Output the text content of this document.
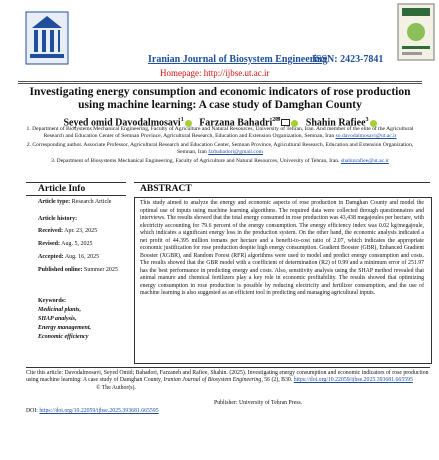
Iranian Journal of Biosystem Engineering
ISSN: 2423-7841
Homepage: http://ijbse.ut.ac.ir
Investigating energy consumption and economic indicators of rose production
using machine learning: A case study of Damghan County
Seyed omid Davodalmosavi$^1$ Farzana Bahadri$^{2✉}$	Shahin Rafiee$^3$

1. Department of Biosystems Mechanical Engineering, Faculty of Agriculture and Natural Resources, University of Tehran, Iran. And member of the elite of the Agricultural Research and Education Center of Semnan Province, Agricultural Research, Education and Extension Organization, Semnan, Iran so.davodalmosavi@ut.ac.ir

2. Corresponding author. Associate Professor, Agricultural Research and Education Center, Semnan Province, Agricultural Research, Education and Extension Organization, Semnan, Iran farbahadori@gmail.com

3. Department of Biosystems Mechanical Engineering, Faculty of Agriculture and Natural Resources, University of Tehran, Iran. shahinrafiee@ut.ac.ir

Article Info	ABSTRACT

Article type: Research Article

Article history:

Received: Apr. 23, 2025

Revised: Aug. 5, 2025

Accepted: Aug. 16, 2025

Published online: Summer 2025

Keywords:

Medicinal plants,

SHAP analysis,

Energy management,

Economic efficiency

This study aimed to analyze the energy and economic aspects of rose production in Damghan County and model the optimal use of inputs using machine learning algorithms. The required data were collected through questionnaires and interviews. The results showed that the total energy consumed in rose production was 43,438 megajoules per hectare, with electricity accounting for 79.6 percent of the energy consumption. The energy efficiency index was 0.02 kg/megajoule, which indicates a significant energy loss in the production system. On the other hand, the economic analysis indicated a net profit of 44.395 million tomans per hectare and a benefit-to-cost ratio of 2.07, which indicates the appropriate economic justification for rose production despite high energy consumption. Gradient Booster (GBR), Enhanced Gradient Booster (XGBR), and Random Forest (RFR) algorithms were used to model and predict energy consumption and costs. The results showed that the GBR model with a coefficient of determination (R2) of 0.99 and a minimum error of 251.97 has the best performance in predicting energy and costs. Also, sensitivity analysis using the SHAP method revealed that animal manure and chemical fertilizers play a key role in economic profitability. The results showed that optimizing energy consumption in rose production is possible by reducing electricity and fertilizer consumption, and the use of machine learning is also suggested as an efficient tool in predicting and managing agricultural inputs.
Cite this article: Davodalmosavi, Seyed Omid; Bahadori, Farzaneh and Rafiee, Shahin. (2025). Investigating energy consumption and economic indicators of rose production using machine learning: A case study of Damghan County, Iranian Journal of Biosystem Engineering, 56 (2), B30. https://doi.org/10.22059/ijbse.2025.393681.665595
© The Author(s).
Publisher: University of Tehran Press.
DOI: https://doi.org/10.22059/ijbse.2025.393681.665595
